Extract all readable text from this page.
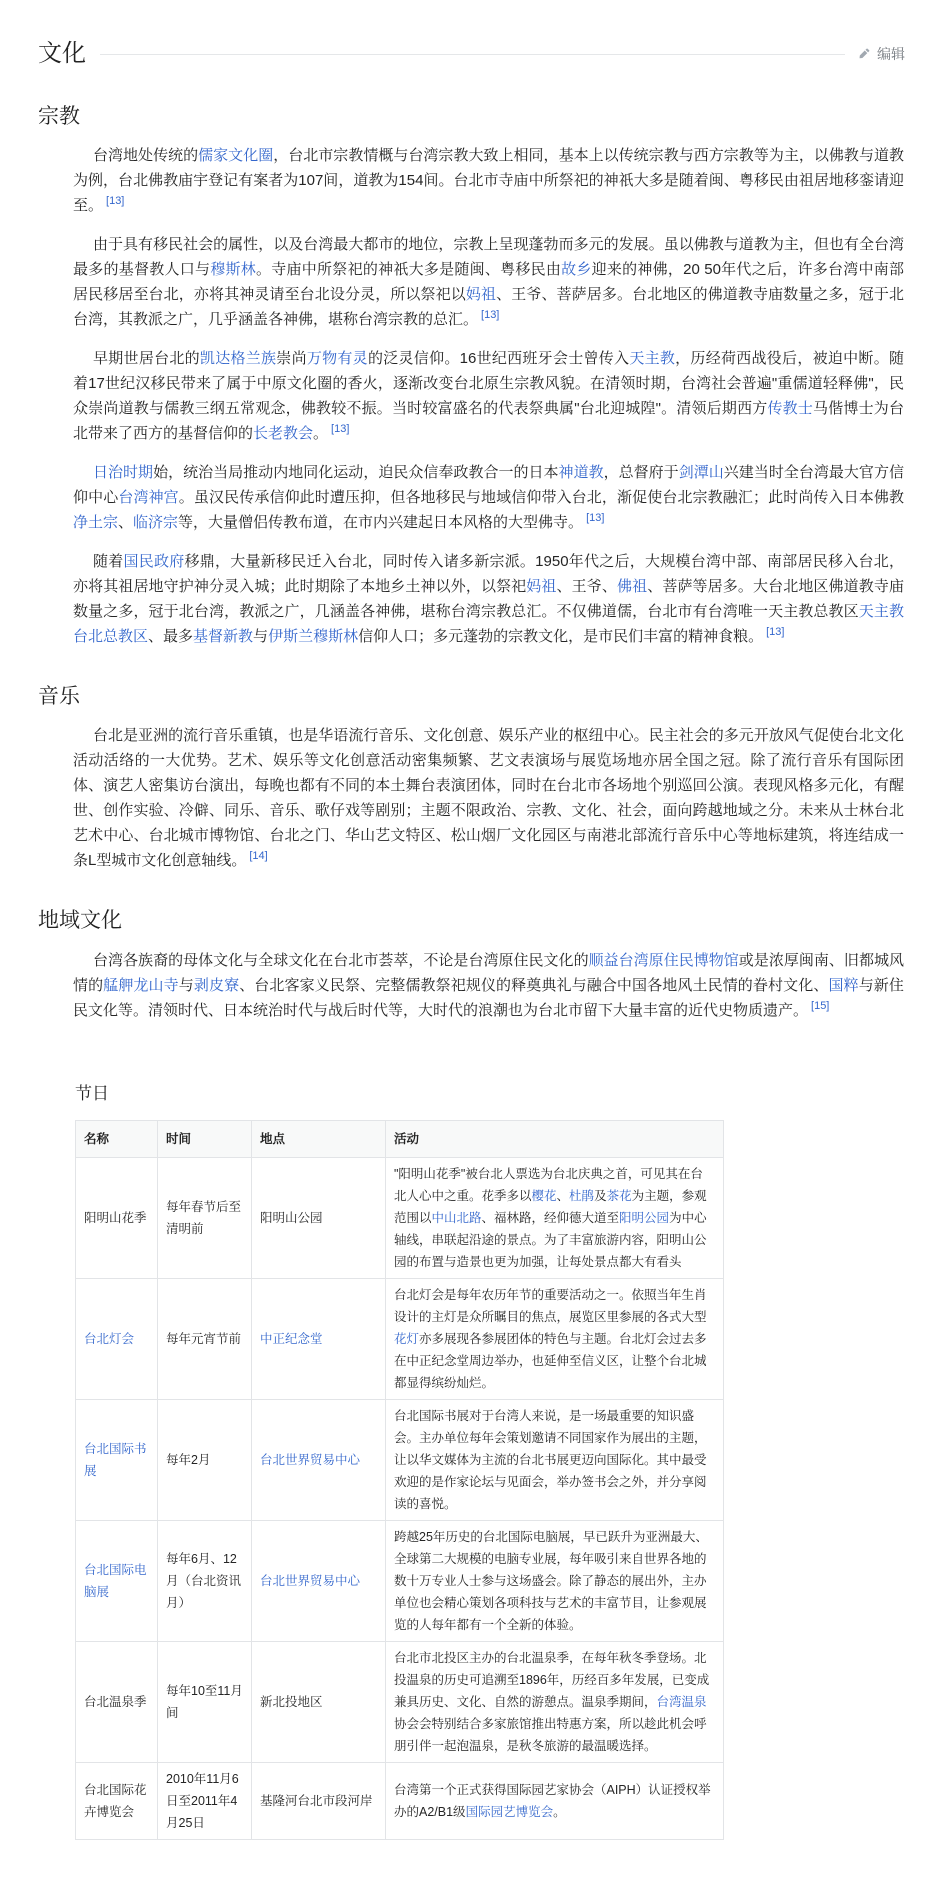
文化	编辑
宗教

台湾地处传统的儒家文化圈，台北市宗教情概与台湾宗教大致上相同，基本上以传统宗教与西方宗教等为主，以佛教与道教为例，台北佛教庙宇登记有案者为107间，道教为154间。台北市寺庙中所祭祀的神祇大多是随着闽、粤移民由祖居地移銮请迎至。 [13]

由于具有移民社会的属性，以及台湾最大都市的地位，宗教上呈现蓬勃而多元的发展。虽以佛教与道教为主，但也有全台湾最多的基督教人口与穆斯林。寺庙中所祭祀的神祇大多是随闽、粤移民由故乡迎来的神佛，20 50年代之后，许多台湾中南部居民移居至台北，亦将其神灵请至台北设分灵，所以祭祀以妈祖、王爷、菩萨居多。台北地区的佛道教寺庙数量之多，冠于北台湾，其教派之广，几乎涵盖各神佛，堪称台湾宗教的总汇。 [13]

早期世居台北的凯达格兰族崇尚万物有灵的泛灵信仰。16世纪西班牙会士曾传入天主教，历经荷西战役后，被迫中断。随着17世纪汉移民带来了属于中原文化圈的香火，逐渐改变台北原生宗教风貌。在清领时期，台湾社会普遍"重儒道轻释佛"，民众崇尚道教与儒教三纲五常观念，佛教较不振。当时较富盛名的代表祭典属"台北迎城隍"。清领后期西方传教士马偕博士为台北带来了西方的基督信仰的长老教会。 [13]

日治时期始，统治当局推动内地同化运动，迫民众信奉政教合一的日本神道教，总督府于剑潭山兴建当时全台湾最大官方信仰中心台湾神宫。虽汉民传承信仰此时遭压抑，但各地移民与地域信仰带入台北，渐促使台北宗教融汇；此时尚传入日本佛教净土宗、临济宗等，大量僧侣传教布道，在市内兴建起日本风格的大型佛寺。 [13]

随着国民政府移鼎，大量新移民迁入台北，同时传入诸多新宗派。1950年代之后，大规模台湾中部、南部居民移入台北，亦将其祖居地守护神分灵入城；此时期除了本地乡土神以外，以祭祀妈祖、王爷、佛祖、菩萨等居多。大台北地区佛道教寺庙数量之多，冠于北台湾，教派之广，几涵盖各神佛，堪称台湾宗教总汇。不仅佛道儒，台北市有台湾唯一天主教总教区天主教台北总教区、最多基督新教与伊斯兰穆斯林信仰人口；多元蓬勃的宗教文化，是市民们丰富的精神食粮。 [13]

音乐

台北是亚洲的流行音乐重镇，也是华语流行音乐、文化创意、娱乐产业的枢纽中心。民主社会的多元开放风气促使台北文化活动活络的一大优势。艺术、娱乐等文化创意活动密集频繁、艺文表演场与展览场地亦居全国之冠。除了流行音乐有国际团体、演艺人密集访台演出，每晚也都有不同的本土舞台表演团体，同时在台北市各场地个别巡回公演。表现风格多元化，有醒世、创作实验、冷僻、同乐、音乐、歌仔戏等剧别；主题不限政治、宗教、文化、社会，面向跨越地域之分。未来从士林台北艺术中心、台北城市博物馆、台北之门、华山艺文特区、松山烟厂文化园区与南港北部流行音乐中心等地标建筑，将连结成一条L型城市文化创意轴线。 [14]

地域文化

台湾各族裔的母体文化与全球文化在台北市荟萃，不论是台湾原住民文化的顺益台湾原住民博物馆或是浓厚闽南、旧都城风情的艋舺龙山寺与剥皮寮、台北客家义民祭、完整儒教祭祀规仪的释奠典礼与融合中国各地风土民情的眷村文化、国粹与新住民文化等。清领时代、日本统治时代与战后时代等，大时代的浪潮也为台北市留下大量丰富的近代史物质遗产。 [15]

节日
名称	时间	地点	活动
阳明山花季	每年春节后至清明前	阳明山公园	"阳明山花季"被台北人票选为台北庆典之首，可见其在台北人心中之重。花季多以樱花、杜鹃及茶花为主题，参观范围以中山北路、福林路，经仰德大道至阳明公园为中心轴线，串联起沿途的景点。为了丰富旅游内容，阳明山公园的布置与造景也更为加强，让每处景点都大有看头
台北灯会	每年元宵节前	中正纪念堂	台北灯会是每年农历年节的重要活动之一。依照当年生肖设计的主灯是众所瞩目的焦点，展览区里参展的各式大型花灯亦多展现各参展团体的特色与主题。台北灯会过去多在中正纪念堂周边举办，也延伸至信义区，让整个台北城都显得缤纷灿烂。
台北国际书展	每年2月	台北世界贸易中心	台北国际书展对于台湾人来说，是一场最重要的知识盛会。主办单位每年会策划邀请不同国家作为展出的主题，让以华文媒体为主流的台北书展更迈向国际化。其中最受欢迎的是作家论坛与见面会，举办签书会之外，并分享阅读的喜悦。
台北国际电脑展	每年6月、12月（台北资讯月）	台北世界贸易中心	跨越25年历史的台北国际电脑展，早已跃升为亚洲最大、全球第二大规模的电脑专业展，每年吸引来自世界各地的数十万专业人士参与这场盛会。除了静态的展出外，主办单位也会精心策划各项科技与艺术的丰富节目，让参观展览的人每年都有一个全新的体验。
台北温泉季	每年10至11月间	新北投地区	台北市北投区主办的台北温泉季，在每年秋冬季登场。北投温泉的历史可追溯至1896年，历经百多年发展，已变成兼具历史、文化、自然的游憩点。温泉季期间，台湾温泉协会会特别结合多家旅馆推出特惠方案，所以趁此机会呼朋引伴一起泡温泉，是秋冬旅游的最温暖选择。
台北国际花卉博览会	2010年11月6日至2011年4月25日	基隆河台北市段河岸	台湾第一个正式获得国际园艺家协会（AIPH）认证授权举办的A2/B1级国际园艺博览会。
